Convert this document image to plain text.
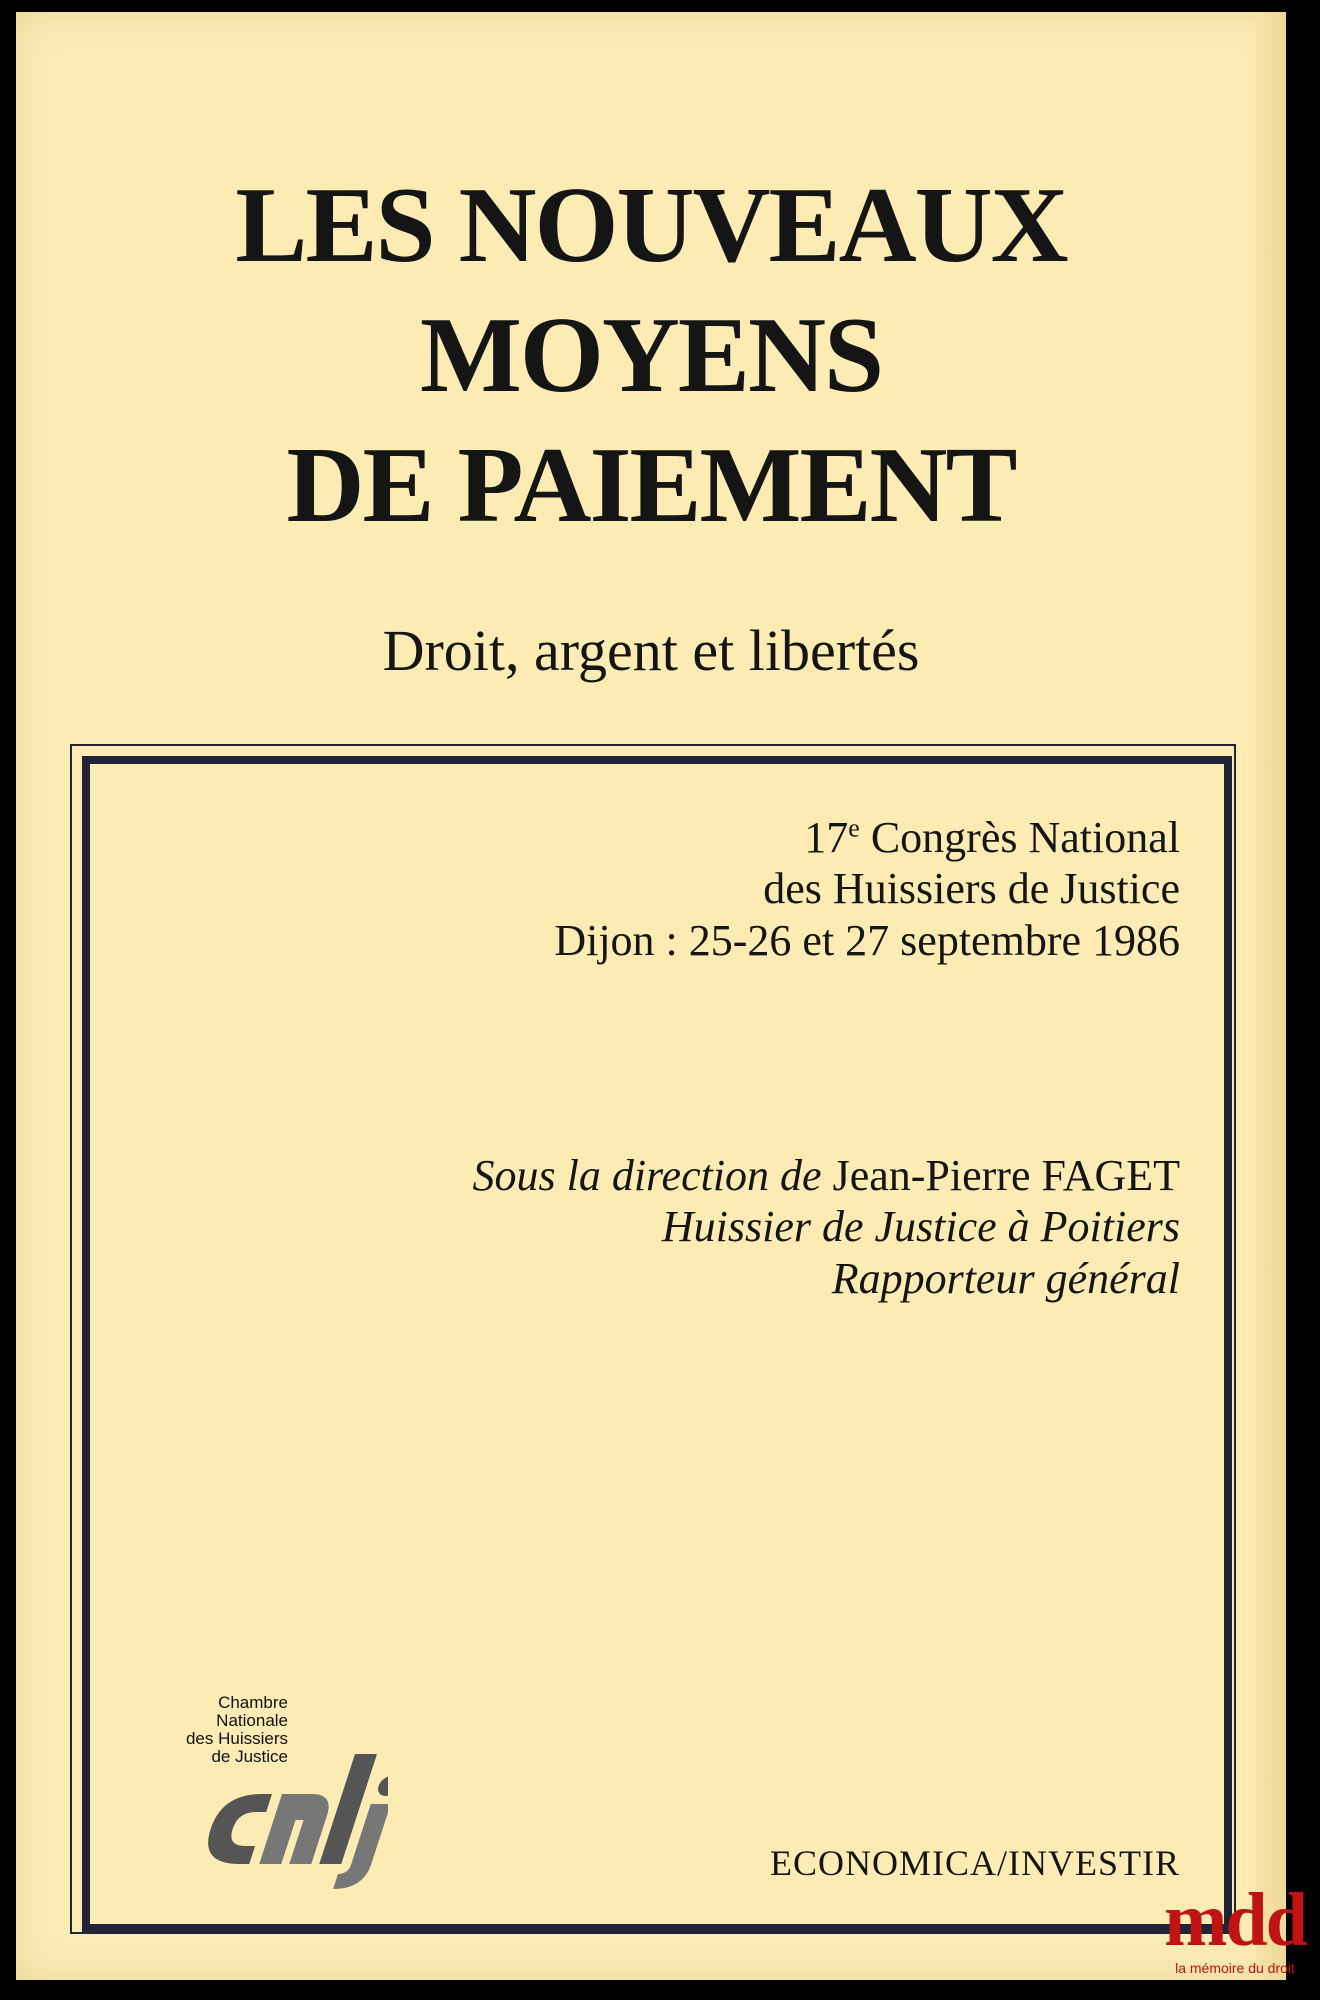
LES NOUVEAUX
MOYENS
DE PAIEMENT

Droit, argent et libertés

17e Congrès National
des Huissiers de Justice
Dijon : 25-26 et 27 septembre 1986
Sous la direction de Jean-Pierre FAGET
Huissier de Justice à Poitiers
Rapporteur général
Chambre
Nationale
des Huissiers
de Justice
ECONOMICA/INVESTIR
mdd
la mémoire du droit
